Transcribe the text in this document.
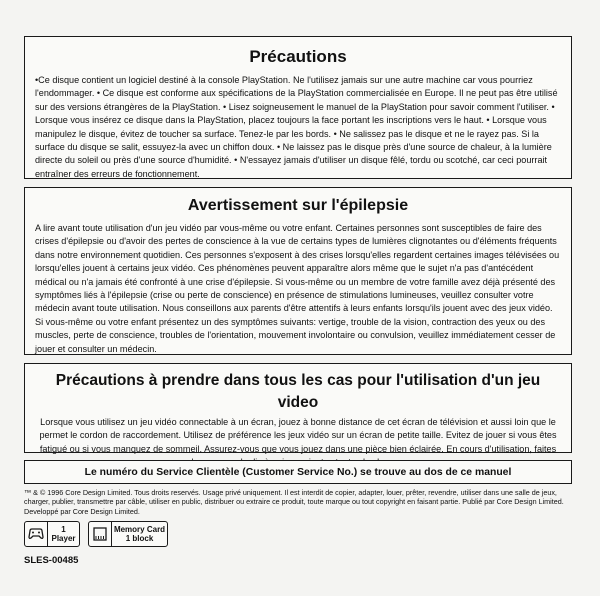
Précautions

•Ce disque contient un logiciel destiné à la console PlayStation. Ne l'utilisez jamais sur une autre machine car vous pourriez l'endommager. • Ce disque est conforme aux spécifications de la PlayStation commercialisée en Europe. Il ne peut pas être utilisé sur des versions étrangères de la PlayStation. • Lisez soigneusement le manuel de la PlayStation pour savoir comment l'utiliser. • Lorsque vous insérez ce disque dans la PlayStation, placez toujours la face portant les inscriptions vers le haut. • Lorsque vous manipulez le disque, évitez de toucher sa surface. Tenez-le par les bords. • Ne salissez pas le disque et ne le rayez pas. Si la surface du disque se salit, essuyez-la avec un chiffon doux. • Ne laissez pas le disque près d'une source de chaleur, à la lumière directe du soleil ou près d'une source d'humidité. • N'essayez jamais d'utiliser un disque fêlé, tordu ou scotché, car ceci pourrait entraîner des erreurs de fonctionnement.

Avertissement sur l'épilepsie

A lire avant toute utilisation d'un jeu vidéo par vous-même ou votre enfant. Certaines personnes sont susceptibles de faire des crises d'épilepsie ou d'avoir des pertes de conscience à la vue de certains types de lumières clignotantes ou d'éléments fréquents dans notre environnement quotidien. Ces personnes s'exposent à des crises lorsqu'elles regardent certaines images télévisées ou lorsqu'elles jouent à certains jeux vidéo. Ces phénomènes peuvent apparaître alors même que le sujet n'a pas d'antécédent médical ou n'a jamais été confronté à une crise d'épilepsie. Si vous-même ou un membre de votre famille avez déjà présenté des symptômes liés à l'épilepsie (crise ou perte de conscience) en présence de stimulations lumineuses, veuillez consulter votre médecin avant toute utilisation. Nous conseillons aux parents d'être attentifs à leurs enfants lorsqu'ils jouent avec des jeux vidéo. Si vous-même ou votre enfant présentez un des symptômes suivants: vertige, trouble de la vision, contraction des yeux ou des muscles, perte de conscience, troubles de l'orientation, mouvement involontaire ou convulsion, veuillez immédiatement cesser de jouer et consulter un médecin.

Précautions à prendre dans tous les cas pour l'utilisation d'un jeu video

Lorsque vous utilisez un jeu vidéo connectable à un écran, jouez à bonne distance de cet écran de télévision et aussi loin que le permet le cordon de raccordement. Utilisez de préférence les jeux vidéo sur un écran de petite taille. Evitez de jouer si vous êtes fatigué ou si vous manquez de sommeil. Assurez-vous que vous jouez dans une pièce bien éclairée. En cours d'utilisation, faites

Le numéro du Service Clientèle (Customer Service No.) se trouve au dos de ce manuel

™ & © 1996 Core Design Limited. Tous droits reservés. Usage privé uniquement. Il est interdit de copier, adapter, louer, prêter, revendre, utiliser dans une salle de jeux, charger, publier, transmettre par câble, utiliser en public, distribuer ou extraire ce produit, toute marque ou tout copyright en faisant partie. Publié par Core Design Limited. Developpé par Core Design Limited.

1
Player
Memory Card
1 block
SLES-00485
